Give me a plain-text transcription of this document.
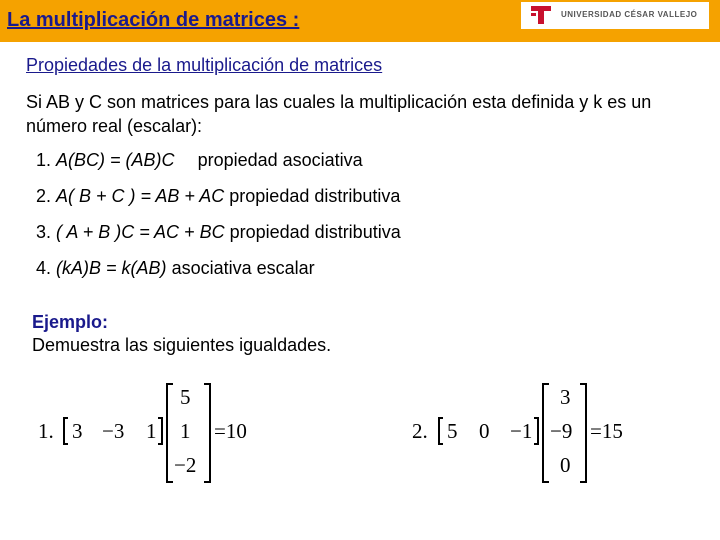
La multiplicación de matrices :	UNIVERSIDAD CÉSAR VALLEJO
Propiedades de la multiplicación de matrices
Si AB y C son matrices para las cuales la multiplicación esta definida y k es un número real (escalar):
1. A(BC) = (AB)C propiedad asociativa
2. A( B + C ) = AB + AC propiedad distributiva
3. ( A + B )C = AC + BC propiedad distributiva
4. (kA)B = k(AB) asociativa escalar
Ejemplo:
Demuestra las siguientes igualdades.
1. 3 −3 1
5
1
−2
=10	2. 5 0 −1
3
−9
0
=15
